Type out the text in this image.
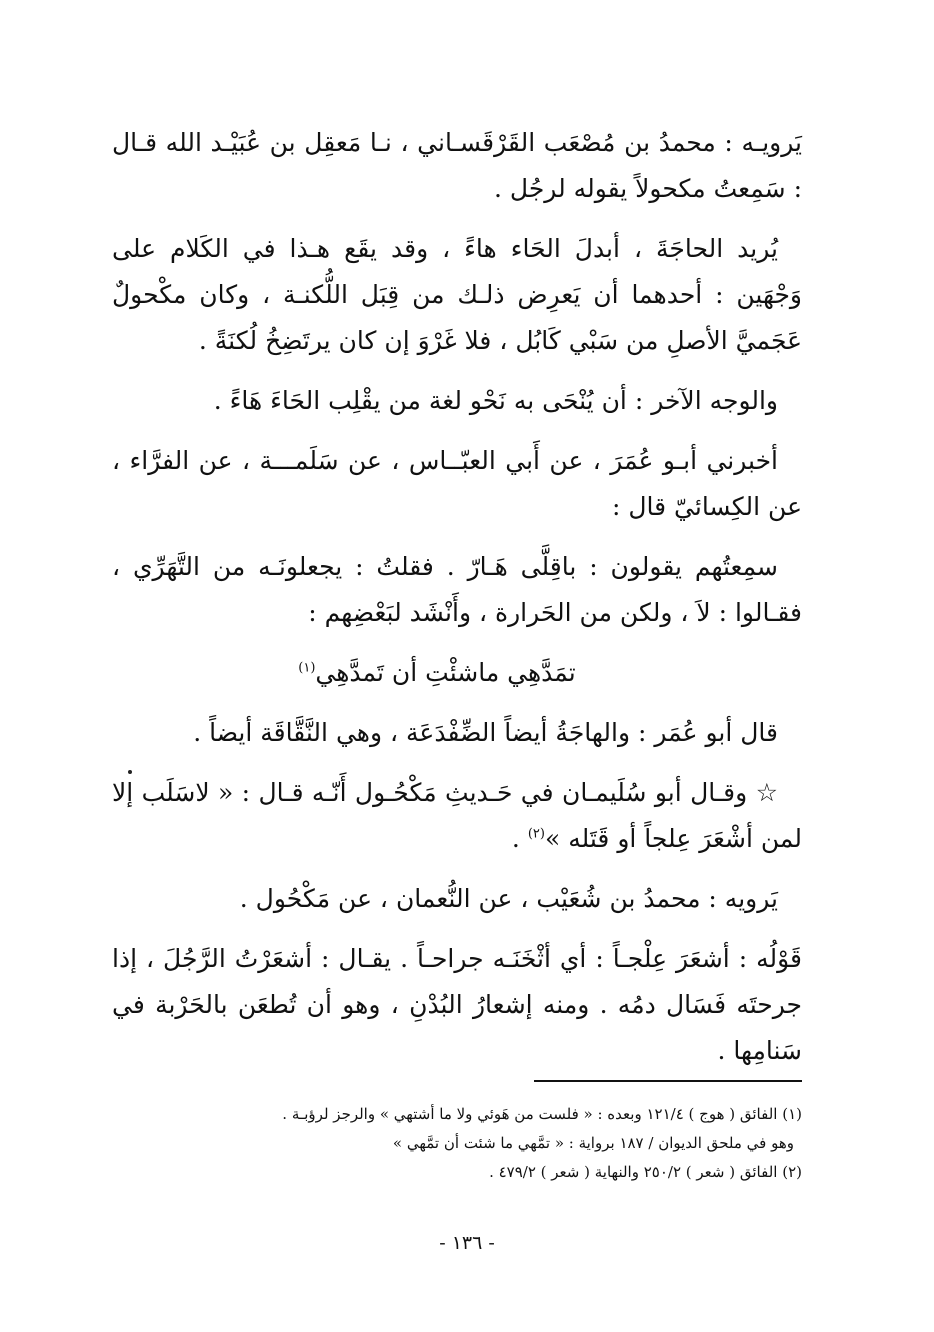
يَرويـه : محمدُ بن مُصْعَب القَرْقَسـاني ، نـا مَعقِل بن عُبَيْـد الله قـال : سَمِعتُ مكحولاً يقوله لرجُل .

يُريد الحاجَةَ ، أبدلَ الحَاء هاءً ، وقد يقَع هـذا في الكَلام على وَجْهَين : أحدهما أن يَعرِض ذلـك من قِبَل اللُّكنـة ، وكان مكْحولٌ عَجَميَّ الأصلِ من سَبْي كَابُل ، فلا غَرْوَ إن كان يرتَضِخُ لُكنَةً .

والوجه الآخر : أن يُنْحَى به نَحْو لغة من يقْلِب الحَاءَ هَاءً .

أخبرني أبـو عُمَرَ ، عن أَبي العبّــاس ، عن سَلَمـــة ، عن الفرَّاء ، عن الكِسائيّ قال :

سمِعتُهم يقولون : باقِلَّى هَـارّ . فقلتُ : يجعلونَـه من التَّهَرِّي ، فقـالوا : لاَ ، ولكن من الحَرارة ، وأَنْشَد لبَعْضِهم :

تمَدَّهِي ماشئْتِ أن تَمدَّهِي$^{(١)}$

قال أبو عُمَر : والهاجَةُ أيضاً الضِّفْدَعَة ، وهي النَّقَّاقَة أيضاً .

☆ وقـال أبو سُلَيمـان في حَـديثِ مَكْحُـول أَنّـه قـال : « لاسَلَب إلا لمن أشْعَرَ عِلجاً أو قَتَله »$^{(٢)}$ .

يَرويه : محمدُ بن شُعَيْب ، عن النُّعمان ، عن مَكْحُول .

قَوْلُه : أشعَرَ عِلْجـاً : أي أثْخَنَـه جراحـاً . يقـال : أشعَرْتُ الرَّجُلَ ، إذا جرحتَه فَسَال دمُه . ومنه إشعارُ البُدْنِ ، وهو أن تُطعَن بالحَرْبة في سَنامِها .

(١) الفائق ( هوج ) ١٢١/٤ وبعده : « فلست من هَوئي ولا ما أشتهي » والرجز لرؤبـة .

وهو في ملحق الديوان / ١٨٧ برواية : « تمَّهي ما شئت أن تمَّهي »

(٢) الفائق ( شعر ) ٢٥٠/٢ والنهاية ( شعر ) ٤٧٩/٢ .

- ١٣٦ -
